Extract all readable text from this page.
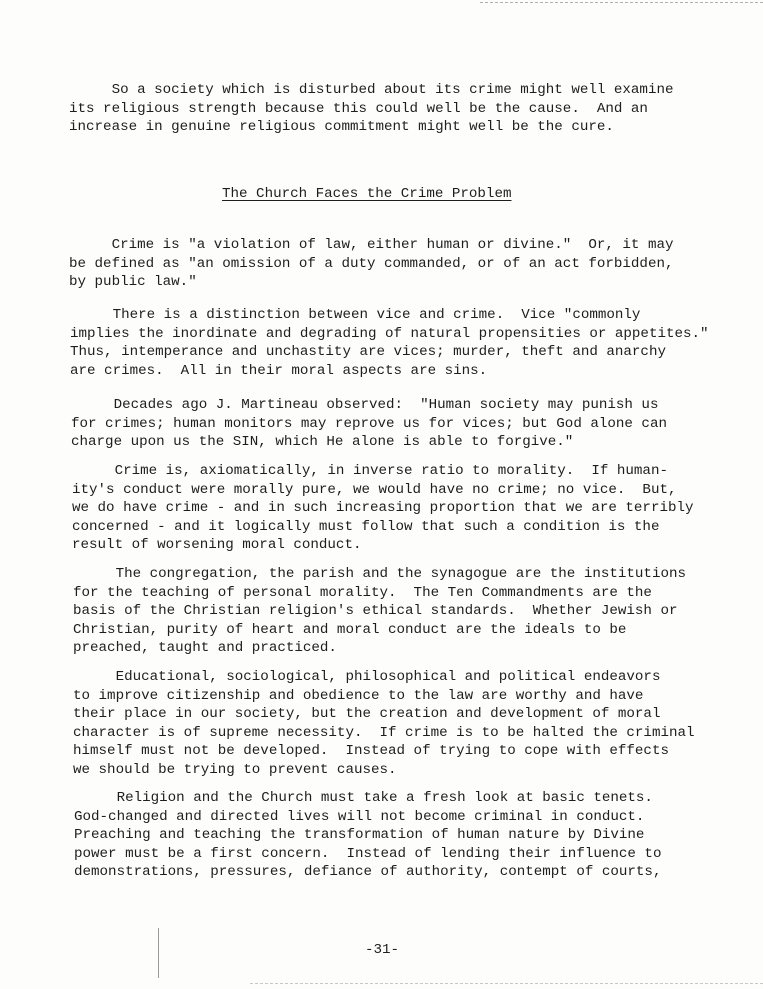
So a society which is disturbed about its crime might well examine
its religious strength because this could well be the cause.  And an
increase in genuine religious commitment might well be the cure.

The Church Faces the Crime Problem

Crime is "a violation of law, either human or divine."  Or, it may
be defined as "an omission of a duty commanded, or of an act forbidden,
by public law."

There is a distinction between vice and crime.  Vice "commonly
implies the inordinate and degrading of natural propensities or appetites."
Thus, intemperance and unchastity are vices; murder, theft and anarchy
are crimes.  All in their moral aspects are sins.

Decades ago J. Martineau observed:  "Human society may punish us
for crimes; human monitors may reprove us for vices; but God alone can
charge upon us the SIN, which He alone is able to forgive."

Crime is, axiomatically, in inverse ratio to morality.  If human-
ity's conduct were morally pure, we would have no crime; no vice.  But,
we do have crime - and in such increasing proportion that we are terribly
concerned - and it logically must follow that such a condition is the
result of worsening moral conduct.

The congregation, the parish and the synagogue are the institutions
for the teaching of personal morality.  The Ten Commandments are the
basis of the Christian religion's ethical standards.  Whether Jewish or
Christian, purity of heart and moral conduct are the ideals to be
preached, taught and practiced.

Educational, sociological, philosophical and political endeavors
to improve citizenship and obedience to the law are worthy and have
their place in our society, but the creation and development of moral
character is of supreme necessity.  If crime is to be halted the criminal
himself must not be developed.  Instead of trying to cope with effects
we should be trying to prevent causes.

Religion and the Church must take a fresh look at basic tenets.
God-changed and directed lives will not become criminal in conduct.
Preaching and teaching the transformation of human nature by Divine
power must be a first concern.  Instead of lending their influence to
demonstrations, pressures, defiance of authority, contempt of courts,

-31-
